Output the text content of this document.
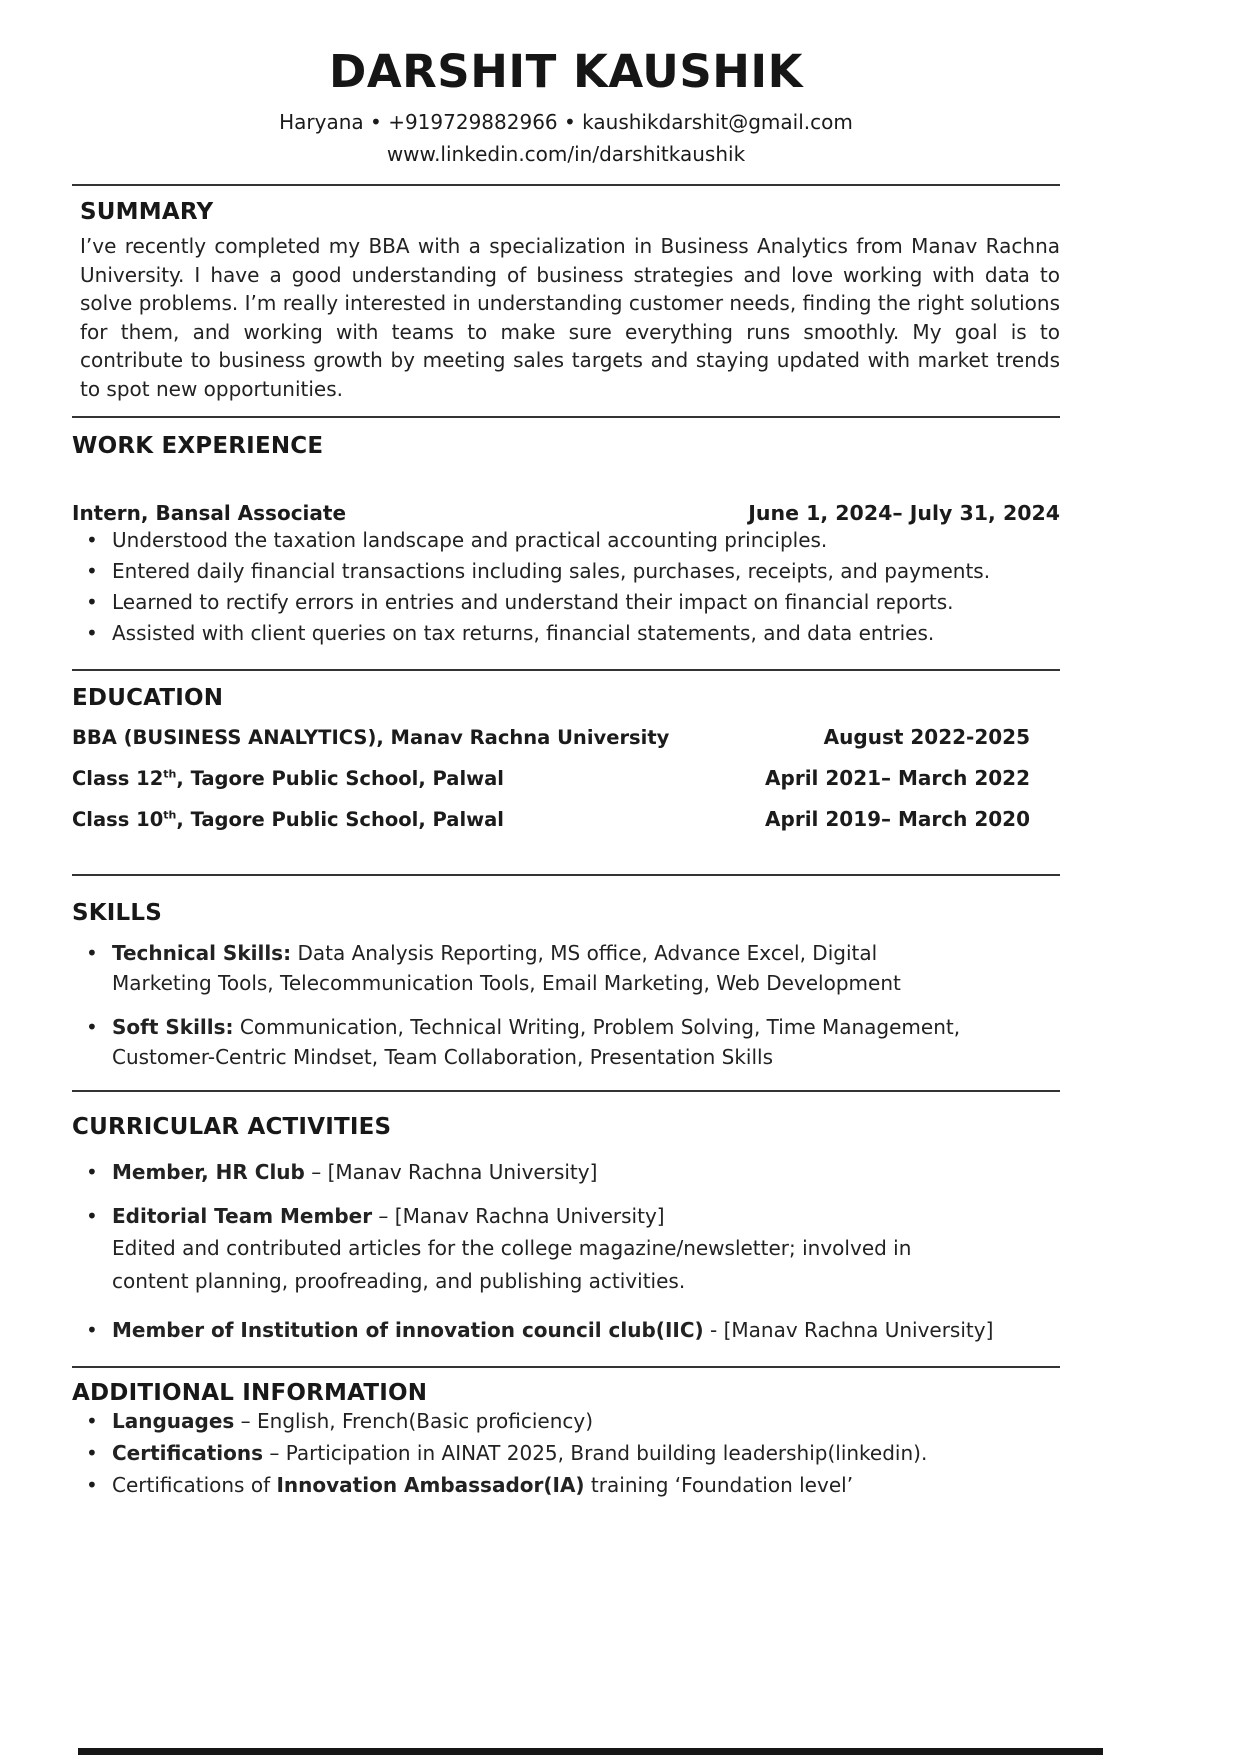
DARSHIT KAUSHIK

Haryana • +919729882966 • kaushikdarshit@gmail.com

www.linkedin.com/in/darshitkaushik

SUMMARY

I’ve recently completed my BBA with a specialization in Business Analytics from Manav Rachna University. I have a good understanding of business strategies and love working with data to solve problems. I’m really interested in understanding customer needs, finding the right solutions for them, and working with teams to make sure everything runs smoothly. My goal is to contribute to business growth by meeting sales targets and staying updated with market trends to spot new opportunities.

WORK EXPERIENCE
Intern, Bansal Associate	June 1, 2024– July 31, 2024
• Understood the taxation landscape and practical accounting principles.
• Entered daily financial transactions including sales, purchases, receipts, and payments.
• Learned to rectify errors in entries and understand their impact on financial reports.
• Assisted with client queries on tax returns, financial statements, and data entries.
EDUCATION
BBA (BUSINESS ANALYTICS), Manav Rachna University	August 2022-2025
Class 12th, Tagore Public School, Palwal	April 2021– March 2022
Class 10th, Tagore Public School, Palwal	April 2019– March 2020
SKILLS
• Technical Skills: Data Analysis Reporting, MS office, Advance Excel, Digital Marketing Tools, Telecommunication Tools, Email Marketing, Web Development
• Soft Skills: Communication, Technical Writing, Problem Solving, Time Management, Customer-Centric Mindset, Team Collaboration, Presentation Skills
CURRICULAR ACTIVITIES
• Member, HR Club – [Manav Rachna University]
• Editorial Team Member – [Manav Rachna University]
Edited and contributed articles for the college magazine/newsletter; involved in content planning, proofreading, and publishing activities.
• Member of Institution of innovation council club(IIC) - [Manav Rachna University]
ADDITIONAL INFORMATION
• Languages – English, French(Basic proficiency)
• Certifications – Participation in AINAT 2025, Brand building leadership(linkedin).
• Certifications of Innovation Ambassador(IA) training ‘Foundation level’
